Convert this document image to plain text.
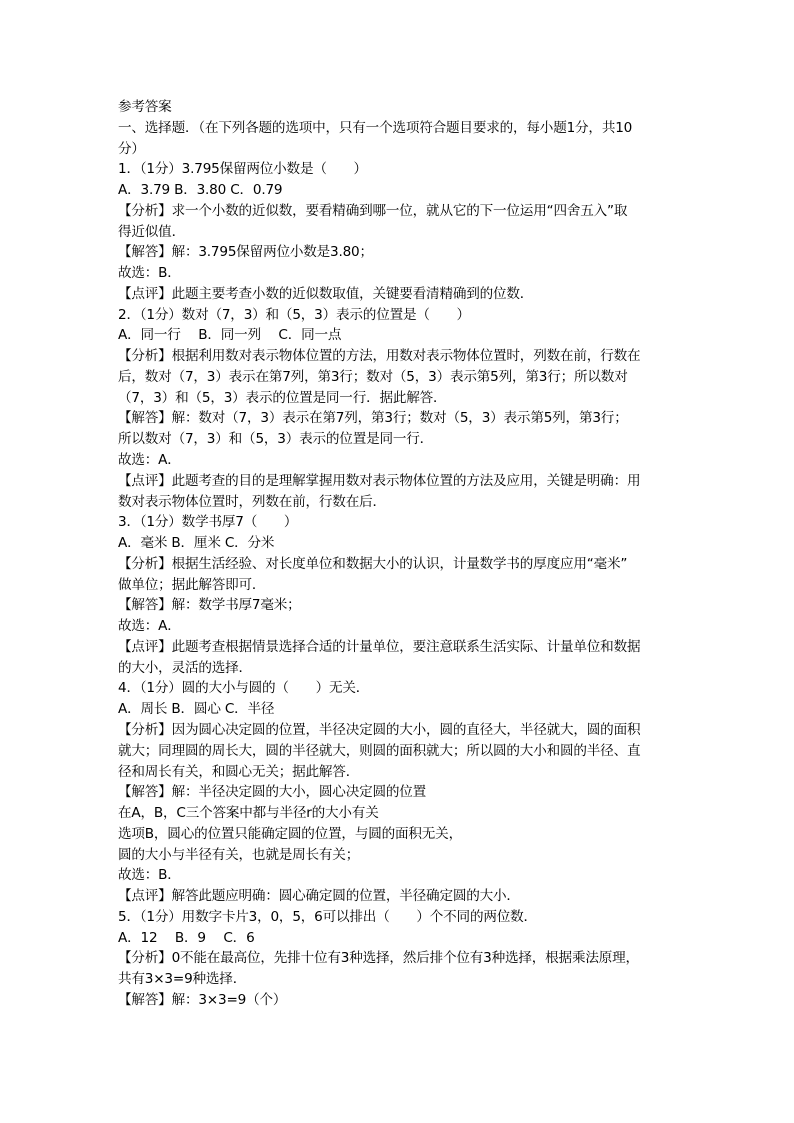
参考答案
一、选择题．（在下列各题的选项中，只有一个选项符合题目要求的，每小题1分，共10
分）
1．（1分）3.795保留两位小数是（　　）
A．3.79 B．3.80 C．0.79
【分析】求一个小数的近似数，要看精确到哪一位，就从它的下一位运用“四舍五入”取
得近似值．
【解答】解：3.795保留两位小数是3.80；
故选：B．
【点评】此题主要考查小数的近似数取值，关键要看清精确到的位数．
2．（1分）数对（7，3）和（5，3）表示的位置是（　　）
A．同一行　 B．同一列　 C．同一点
【分析】根据利用数对表示物体位置的方法，用数对表示物体位置时，列数在前，行数在
后，数对（7，3）表示在第7列，第3行；数对（5，3）表示第5列，第3行；所以数对
（7，3）和（5，3）表示的位置是同一行．据此解答．
【解答】解：数对（7，3）表示在第7列，第3行；数对（5，3）表示第5列，第3行；
所以数对（7，3）和（5，3）表示的位置是同一行．
故选：A．
【点评】此题考查的目的是理解掌握用数对表示物体位置的方法及应用，关键是明确：用
数对表示物体位置时，列数在前，行数在后．
3．（1分）数学书厚7（　　）
A．毫米 B．厘米 C．分米
【分析】根据生活经验、对长度单位和数据大小的认识，计量数学书的厚度应用“毫米”
做单位；据此解答即可．
【解答】解：数学书厚7毫米；
故选：A．
【点评】此题考查根据情景选择合适的计量单位，要注意联系生活实际、计量单位和数据
的大小，灵活的选择．
4．（1分）圆的大小与圆的（　　）无关．
A．周长 B．圆心 C．半径
【分析】因为圆心决定圆的位置，半径决定圆的大小，圆的直径大，半径就大，圆的面积
就大；同理圆的周长大，圆的半径就大，则圆的面积就大；所以圆的大小和圆的半径、直
径和周长有关，和圆心无关；据此解答．
【解答】解：半径决定圆的大小，圆心决定圆的位置
在A，B，C三个答案中都与半径r的大小有关
选项B，圆心的位置只能确定圆的位置，与圆的面积无关，
圆的大小与半径有关，也就是周长有关；
故选：B．
【点评】解答此题应明确：圆心确定圆的位置，半径确定圆的大小．
5．（1分）用数字卡片3，0，5，6可以排出（　　）个不同的两位数．
A．12　 B．9　 C．6
【分析】0不能在最高位，先排十位有3种选择，然后排个位有3种选择，根据乘法原理，
共有3×3=9种选择．
【解答】解：3×3=9（个）
